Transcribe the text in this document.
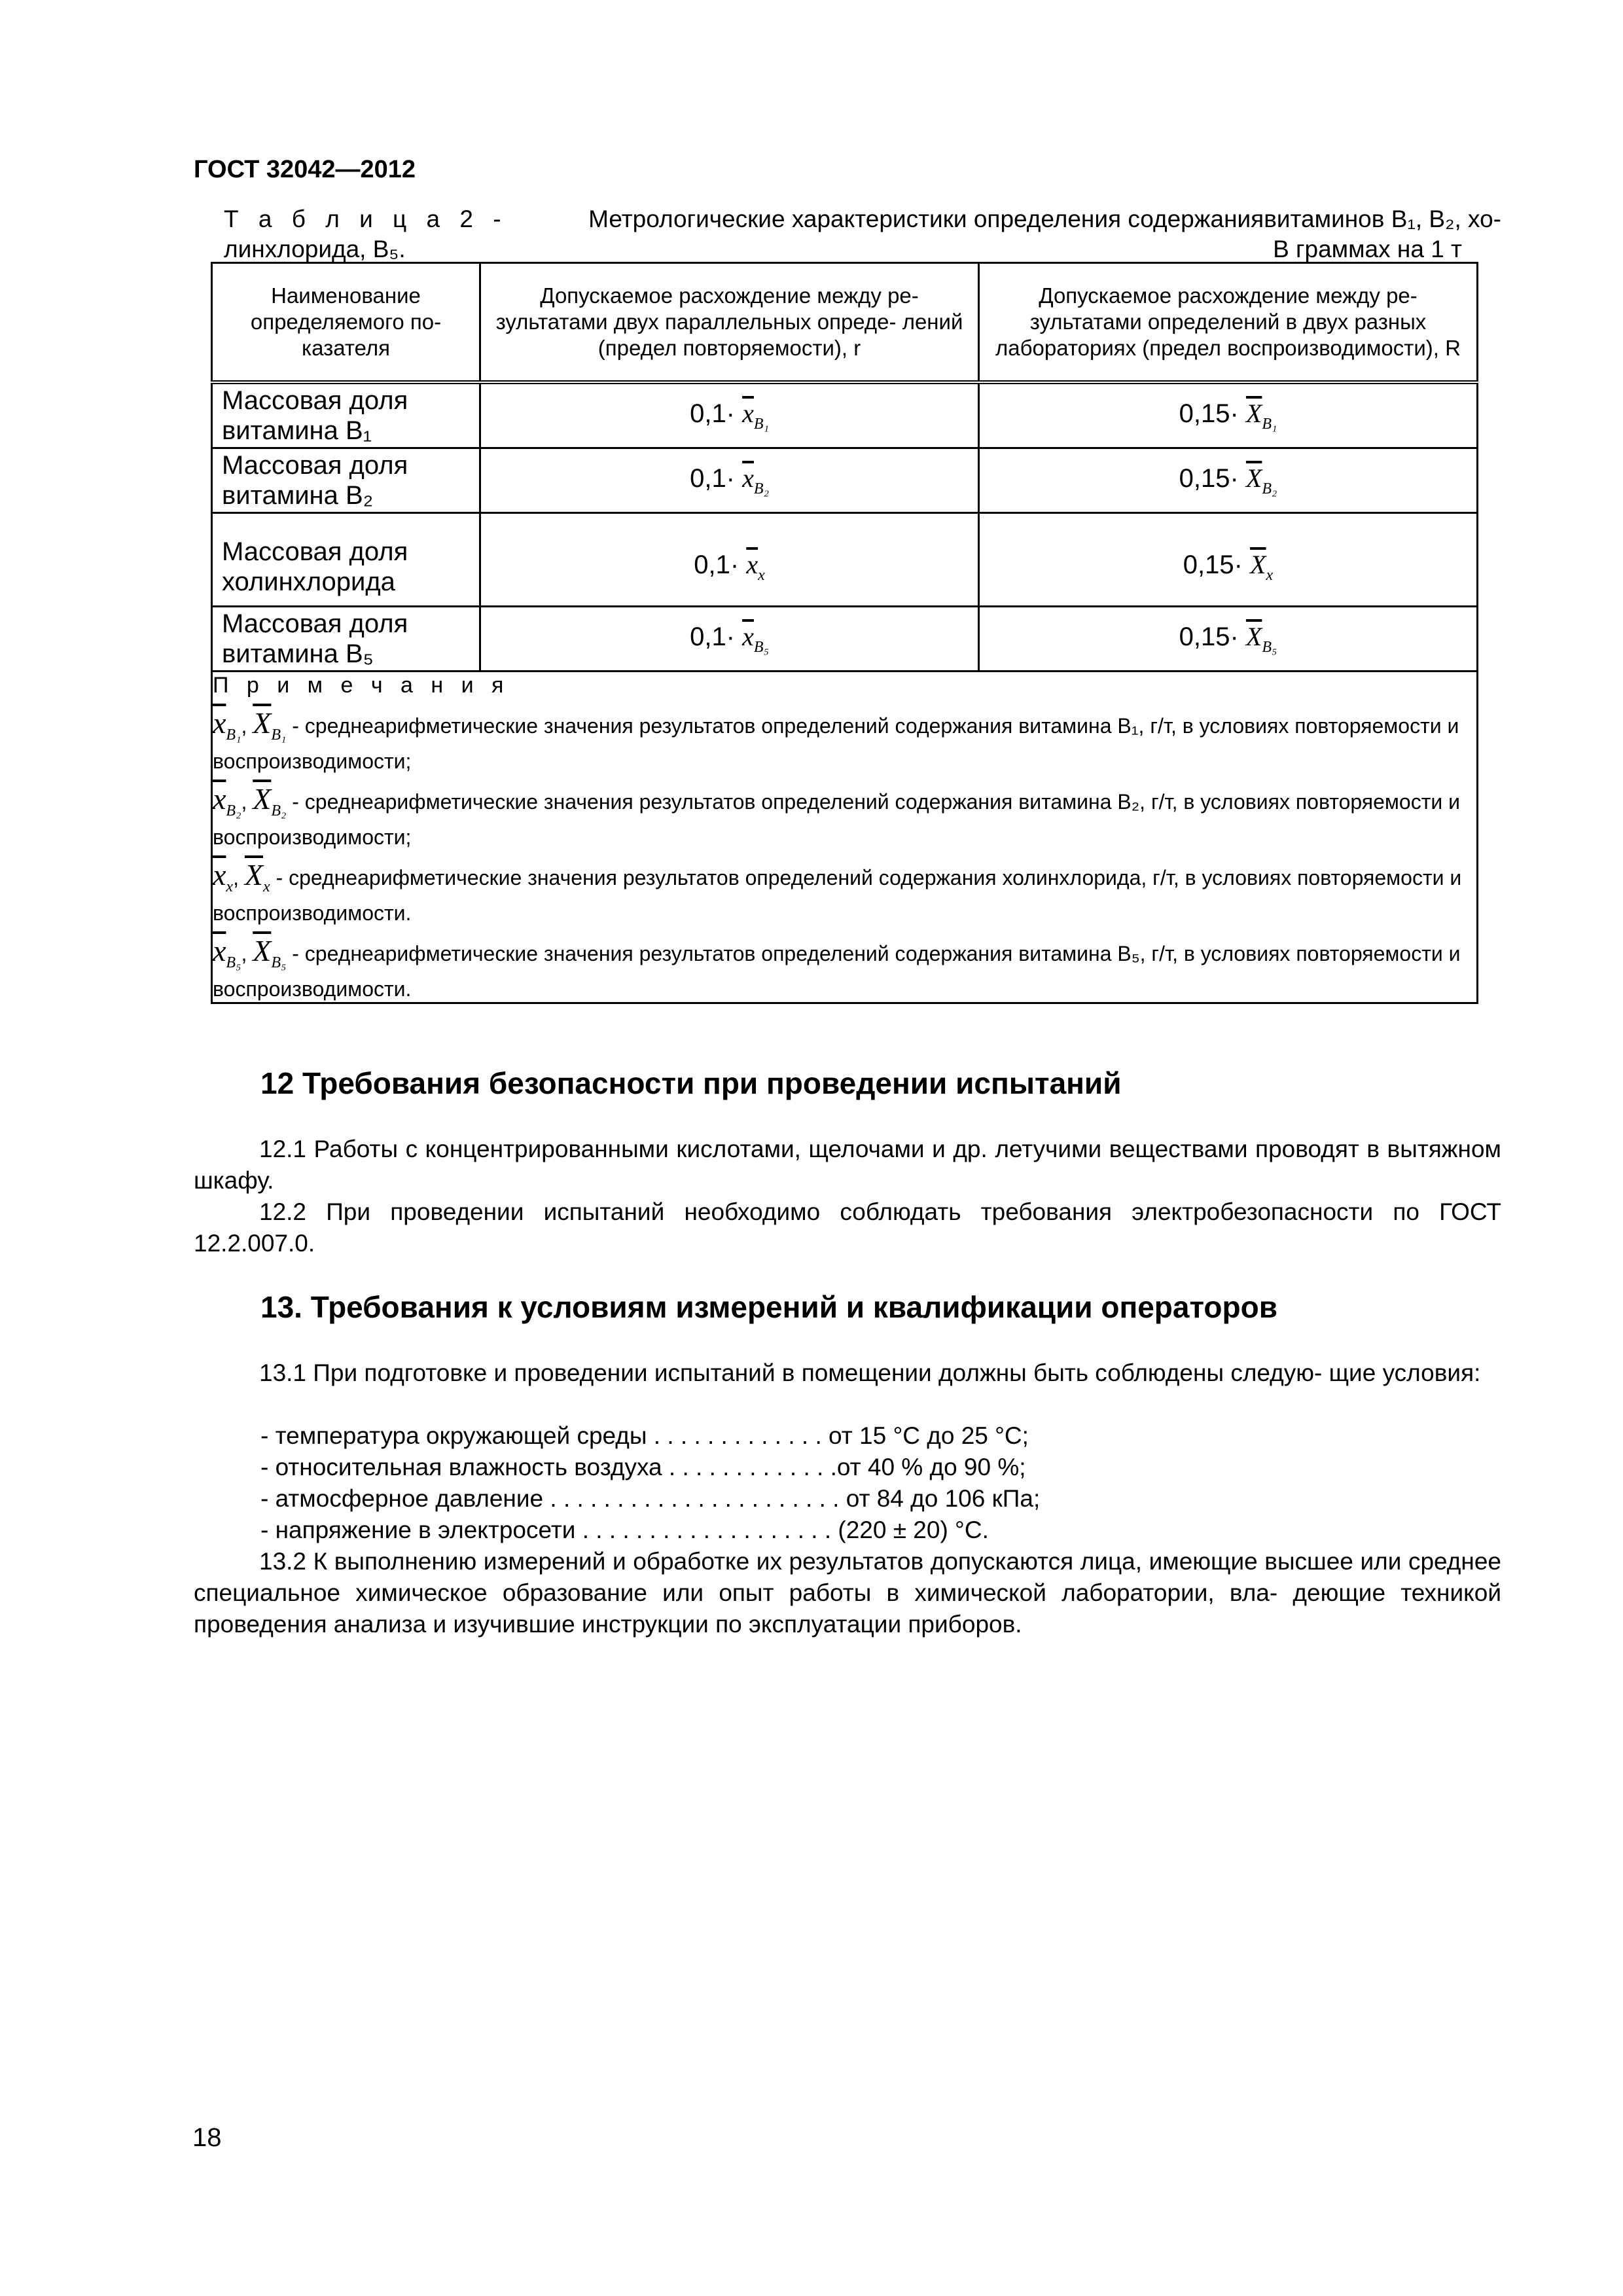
ГОСТ 32042—2012
Т а б л и ц а 2 -	Метрологические характеристики определения содержаниявитаминов В₁, В₂, хо-
линхлорида, В₅.	В граммах на 1 т
Наименование определяемого по- казателя	Допускаемое расхождение между ре- зультатами двух параллельных опреде- лений (предел повторяемости), r	Допускаемое расхождение между ре- зультатами определений в двух разных лабораториях (предел воспроизводимости), R
Массовая доля витамина В₁	$0,1\cdot \overline{x}_{B_1}$	$0,15\cdot \overline{X}_{B_1}$
Массовая доля витамина В₂	$0,1\cdot \overline{x}_{B_2}$	$0,15\cdot \overline{X}_{B_2}$
Массовая доля холинхлорида	$0,1\cdot \overline{x}_x$	$0,15\cdot \overline{X}_x$
Массовая доля витамина В₅	$0,1\cdot \overline{x}_{B_5}$	$0,15\cdot \overline{X}_{B_5}$

П р и м е ч а н и я
$\overline{x}_{B_1}$, $\overline{X}_{B_1}$ - среднеарифметические значения результатов определений содержания витамина В₁, г/т, в условиях повторяемости и воспроизводимости;
$\overline{x}_{B_2}$, $\overline{X}_{B_2}$ - среднеарифметические значения результатов определений содержания витамина В₂, г/т, в условиях повторяемости и воспроизводимости;
$\overline{x}_x$, $\overline{X}_x$ - среднеарифметические значения результатов определений содержания холинхлорида, г/т, в условиях повторяемости и воспроизводимости.
$\overline{x}_{B_5}$, $\overline{X}_{B_5}$ - среднеарифметические значения результатов определений содержания витамина В₅, г/т, в условиях повторяемости и воспроизводимости.		
12 Требования безопасности при проведении испытаний
12.1 Работы с концентрированными кислотами, щелочами и др. летучими веществами проводят в вытяжном шкафу.
12.2 При проведении испытаний необходимо соблюдать требования электробезопасности по ГОСТ 12.2.007.0.
13. Требования к условиям измерений и квалификации операторов
13.1 При подготовке и проведении испытаний в помещении должны быть соблюдены следую- щие условия:
- температура окружающей среды . . . . . . . . . . . . . от 15 °С до 25 °С;
- относительная влажность воздуха . . . . . . . . . . . . .от 40 % до 90 %;
- атмосферное давление . . . . . . . . . . . . . . . . . . . . . . от 84 до 106 кПа;
- напряжение в электросети . . . . . . . . . . . . . . . . . . . (220 ± 20) °С.
13.2 К выполнению измерений и обработке их результатов допускаются лица, имеющие высшее или среднее специальное химическое образование или опыт работы в химической лаборатории, вла- деющие техникой проведения анализа и изучившие инструкции по эксплуатации приборов.
18
